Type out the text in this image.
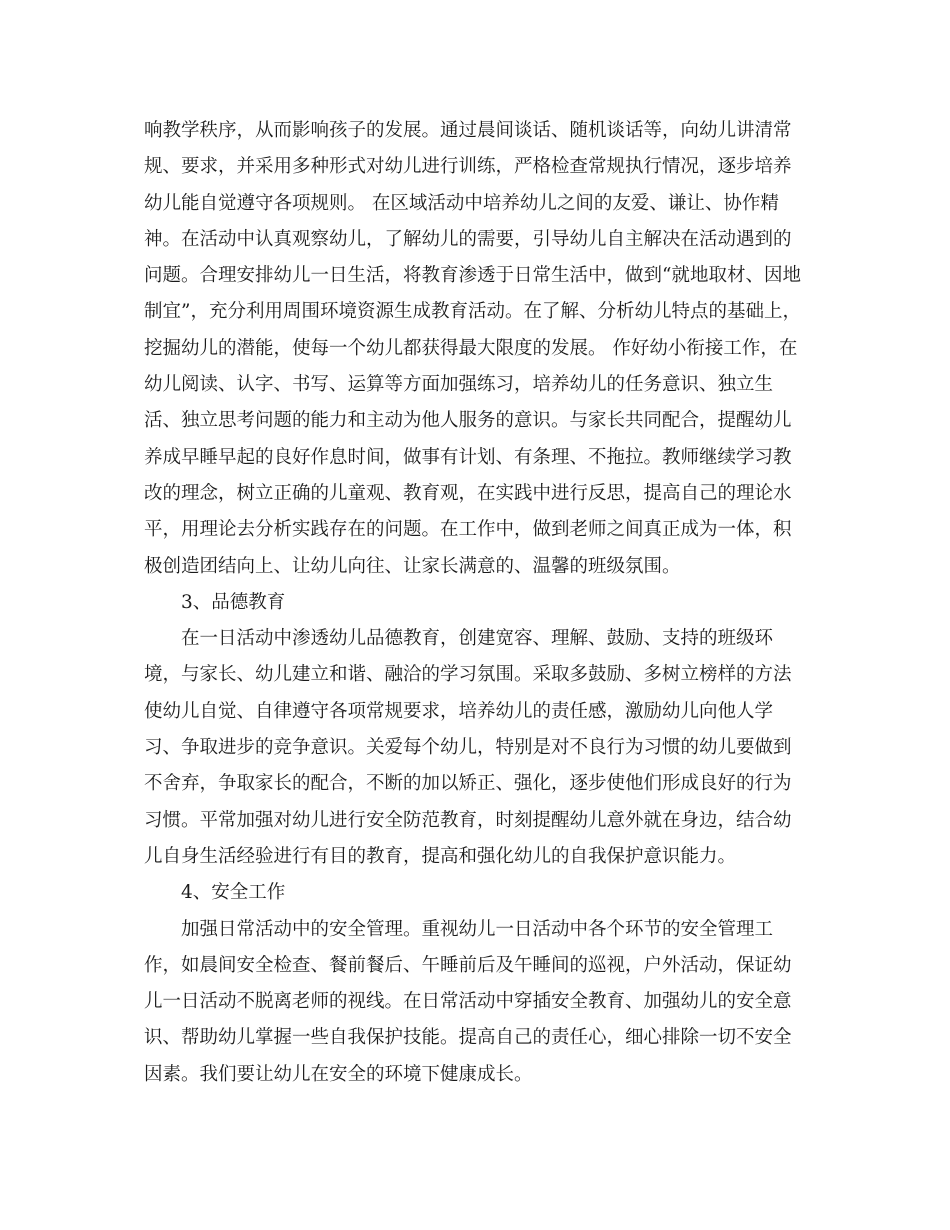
响教学秩序，从而影响孩子的发展。通过晨间谈话、随机谈话等，向幼儿讲清常
规、要求，并采用多种形式对幼儿进行训练，严格检查常规执行情况，逐步培养
幼儿能自觉遵守各项规则。 在区域活动中培养幼儿之间的友爱、谦让、协作精
神。在活动中认真观察幼儿，了解幼儿的需要，引导幼儿自主解决在活动遇到的
问题。合理安排幼儿一日生活，将教育渗透于日常生活中，做到“就地取材、因地
制宜”，充分利用周围环境资源生成教育活动。在了解、分析幼儿特点的基础上，
挖掘幼儿的潜能，使每一个幼儿都获得最大限度的发展。 作好幼小衔接工作，在
幼儿阅读、认字、书写、运算等方面加强练习，培养幼儿的任务意识、独立生
活、独立思考问题的能力和主动为他人服务的意识。与家长共同配合，提醒幼儿
养成早睡早起的良好作息时间，做事有计划、有条理、不拖拉。教师继续学习教
改的理念，树立正确的儿童观、教育观，在实践中进行反思，提高自己的理论水
平，用理论去分析实践存在的问题。在工作中，做到老师之间真正成为一体，积
极创造团结向上、让幼儿向往、让家长满意的、温馨的班级氛围。
3、品德教育
在一日活动中渗透幼儿品德教育，创建宽容、理解、鼓励、支持的班级环
境，与家长、幼儿建立和谐、融洽的学习氛围。采取多鼓励、多树立榜样的方法
使幼儿自觉、自律遵守各项常规要求，培养幼儿的责任感，激励幼儿向他人学
习、争取进步的竞争意识。关爱每个幼儿，特别是对不良行为习惯的幼儿要做到
不舍弃，争取家长的配合，不断的加以矫正、强化，逐步使他们形成良好的行为
习惯。平常加强对幼儿进行安全防范教育，时刻提醒幼儿意外就在身边，结合幼
儿自身生活经验进行有目的教育，提高和强化幼儿的自我保护意识能力。
4、安全工作
加强日常活动中的安全管理。重视幼儿一日活动中各个环节的安全管理工
作，如晨间安全检查、餐前餐后、午睡前后及午睡间的巡视，户外活动，保证幼
儿一日活动不脱离老师的视线。在日常活动中穿插安全教育、加强幼儿的安全意
识、帮助幼儿掌握一些自我保护技能。提高自己的责任心，细心排除一切不安全
因素。我们要让幼儿在安全的环境下健康成长。
